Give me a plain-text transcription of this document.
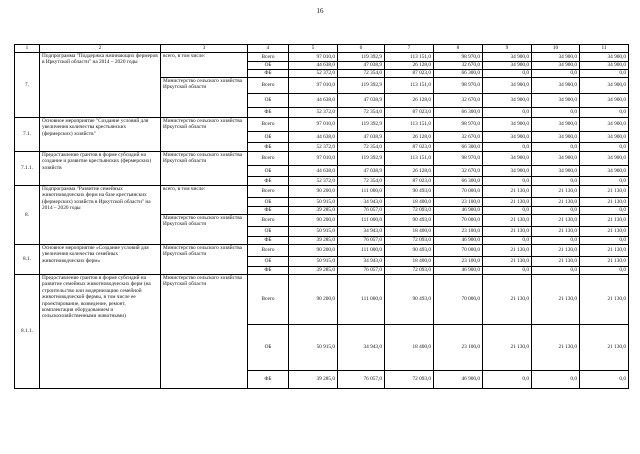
16
1	2	3	4	5	6	7	8	9	10	11
7.	Подпрограмма "Поддержка начинающих фермеров в Иркутской области" на 2014 – 2020 годы	всего, в том числе:	Всего	97 010,0	119 392,9	113 151,0	98 970,0	34 900,0	34 900,0	34 900,0
			ОБ	44 638,0	47 038,9	26 128,0	32 670,0	34 900,0	34 900,0	34 900,0
			ФБ	52 372,0	72 354,0	87 023,0	66 300,0	0,0	0,0	0,0
		Министерство сельского хозяйства Иркутской области	Всего	97 010,0	119 392,9	113 151,0	98 970,0	34 900,0	34 900,0	34 900,0
			ОБ	44 638,0	47 038,9	26 128,0	32 670,0	34 900,0	34 900,0	34 900,0
			ФБ	52 372,0	72 354,0	87 023,0	66 300,0	0,0	0,0	0,0
7.1.	Основное мероприятие "Создание условий для увеличения количества крестьянских (фермерских) хозяйств"	Министерство сельского хозяйства Иркутской области	Всего	97 010,0	119 392,9	113 151,0	98 970,0	34 900,0	34 900,0	34 900,0
			ОБ	44 638,0	47 038,9	26 128,0	32 670,0	34 900,0	34 900,0	34 900,0
			ФБ	52 372,0	72 354,0	87 023,0	66 300,0	0,0	0,0	0,0
7.1.1.	Предоставление грантов в форме субсидий на создание и развитие крестьянских (фермерских) хозяйств	Министерство сельского хозяйства Иркутской области	Всего	97 010,0	119 392,9	113 151,0	98 970,0	34 900,0	34 900,0	34 900,0
			ОБ	44 638,0	47 038,9	26 128,0	32 670,0	34 900,0	34 900,0	34 900,0
			ФБ	52 372,0	72 354,0	87 023,0	66 300,0	0,0	0,0	0,0
8.	Подпрограмма "Развитие семейных животноводческих ферм на базе крестьянских (фермерских) хозяйств в Иркутской области" на 2014 – 2020 годы	всего, в том числе:	Всего	90 200,0	111 000,0	90 493,0	70 000,0	21 130,0	21 130,0	21 130,0
			ОБ	50 915,0	34 943,0	18 400,0	23 100,0	21 130,0	21 130,0	21 130,0
			ФБ	39 285,0	76 057,0	72 093,0	46 900,0	0,0	0,0	0,0
		Министерство сельского хозяйства Иркутской области	Всего	90 200,0	111 000,0	90 493,0	70 000,0	21 130,0	21 130,0	21 130,0
			ОБ	50 915,0	34 943,0	18 400,0	23 100,0	21 130,0	21 130,0	21 130,0
			ФБ	39 285,0	76 057,0	72 093,0	46 900,0	0,0	0,0	0,0
8.1.	Основное мероприятие «Создание условий для увеличения количества семейных животноводческих ферм»	Министерство сельского хозяйства Иркутской области	Всего	90 200,0	111 000,0	90 493,0	70 000,0	21 130,0	21 130,0	21 130,0
			ОБ	50 915,0	34 943,0	18 400,0	23 100,0	21 130,0	21 130,0	21 130,0
			ФБ	39 285,0	76 057,0	72 093,0	46 900,0	0,0	0,0	0,0
8.1.1.	Предоставление грантов в форме субсидий на развитие семейных животноводческих ферм (на строительство или модернизацию семейной животноводческой фермы, в том числе ее проектирование, возведение, ремонт, комплектация оборудованием и сельскохозяйственными животными)	Министерство сельского хозяйства Иркутской области	Всего	90 200,0	111 000,0	90 493,0	70 000,0	21 130,0	21 130,0	21 130,0
			ОБ	50 915,0	34 943,0	18 400,0	23 100,0	21 130,0	21 130,0	21 130,0
			ФБ	39 285,0	76 057,0	72 093,0	46 900,0	0,0	0,0	0,0
